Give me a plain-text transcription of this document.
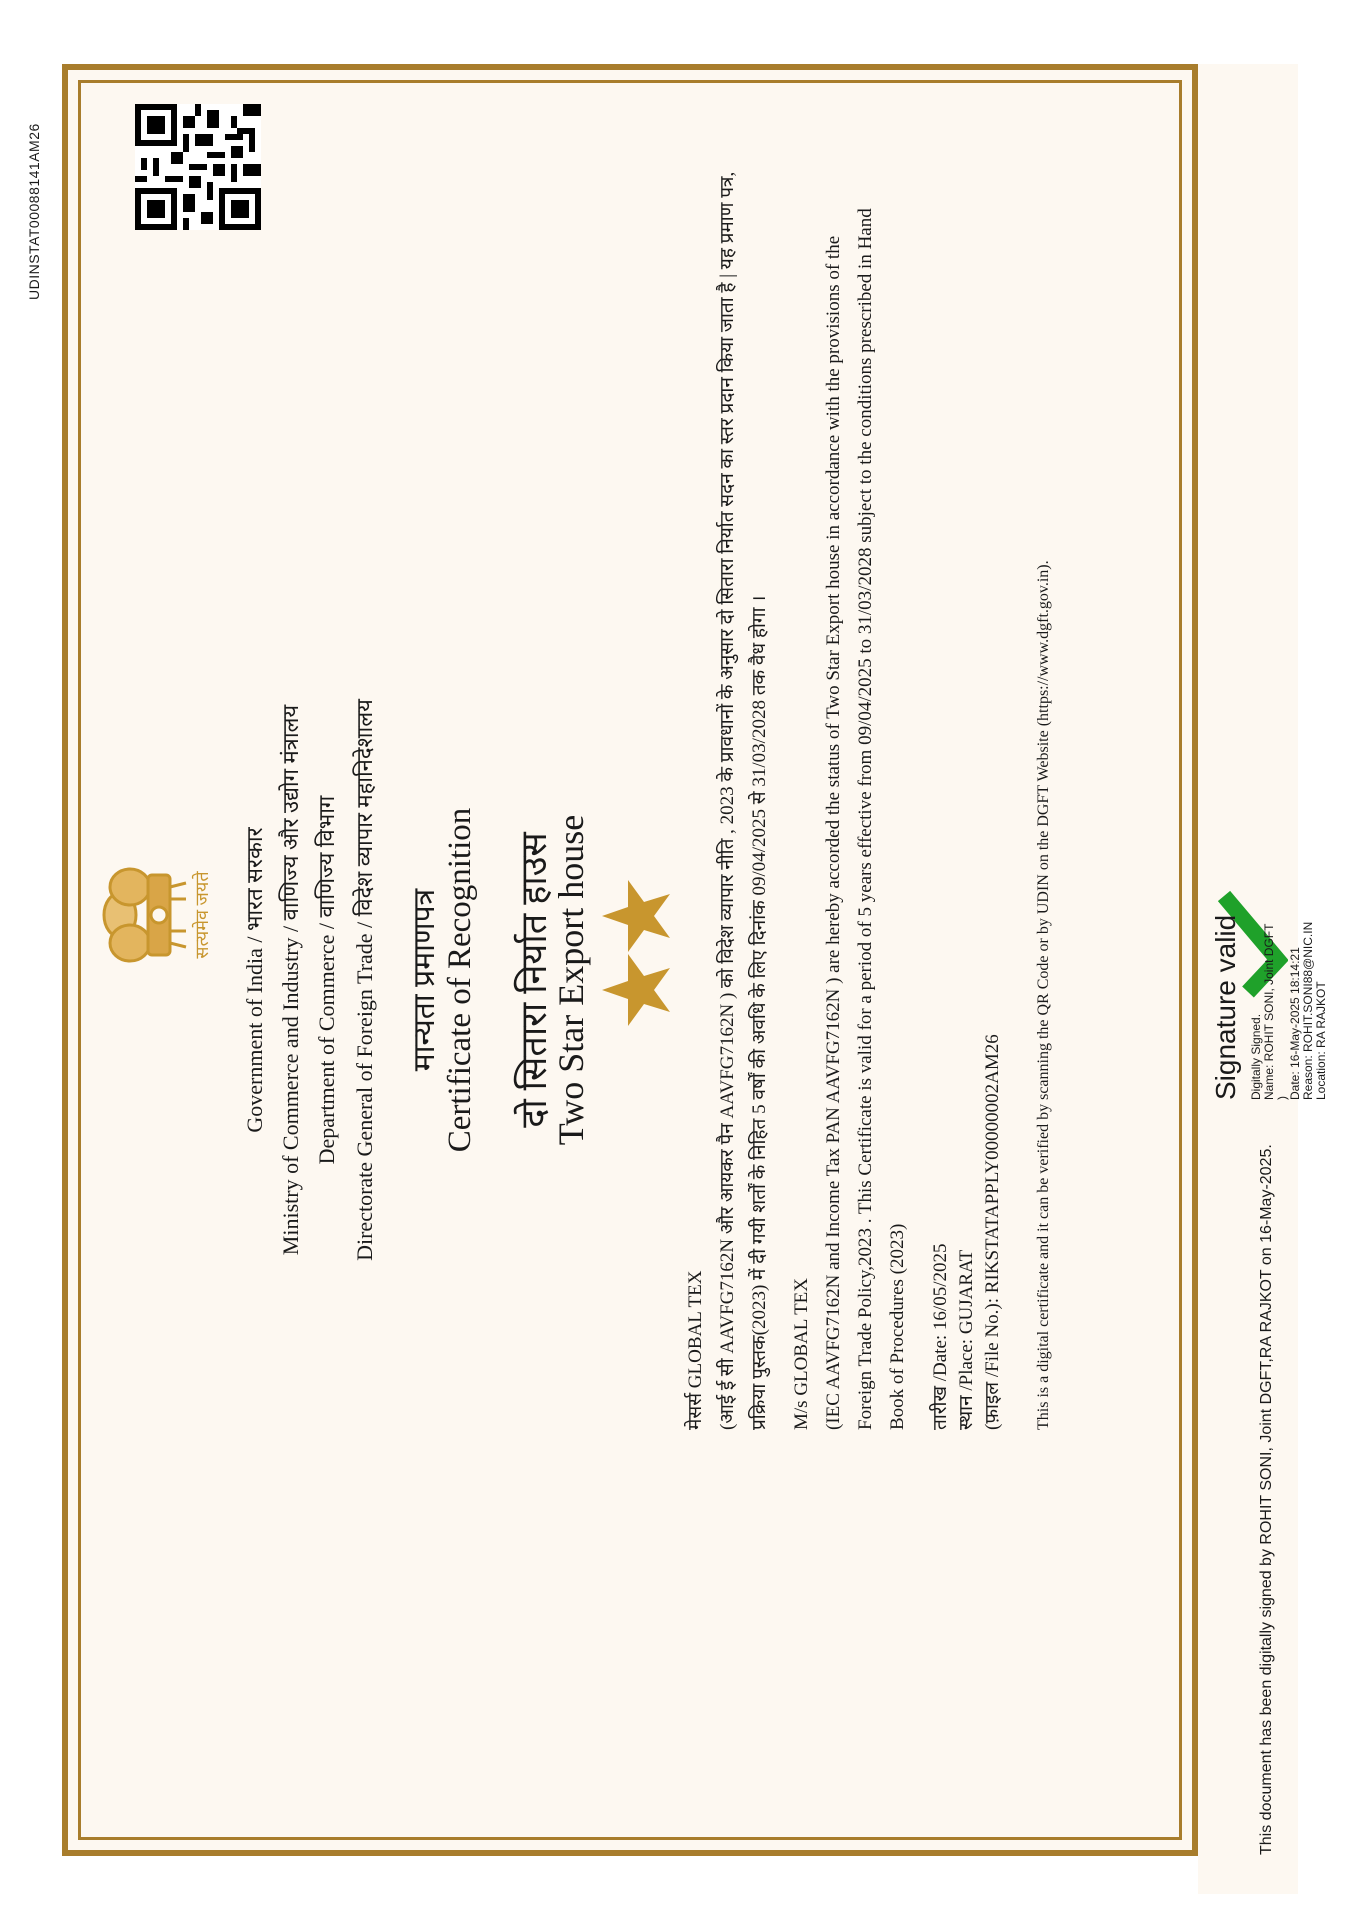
UDINSTAT00088141AM26
सत्यमेव जयते Government of India / भारत सरकार Ministry of Commerce and Industry / वाणिज्य और उद्योग मंत्रालय Department of Commerce / वाणिज्य विभाग Directorate General of Foreign Trade / विदेश व्यापार महानिदेशालय मान्यता प्रमाणपत्र Certificate of Recognition दो सितारा निर्यात हाउस
Two Star Export house
मेसर्स GLOBAL TEX (आई ई सी AAVFG7162N और आयकर पैन AAVFG7162N ) को विदेश व्यापार नीति , 2023 के प्रावधानों के अनुसार दो सितारा निर्यात सदन का स्तर प्रदान किया जाता है | यह प्रमाण पत्र, प्रक्रिया पुस्तक(2023) में दी गयी शर्तों के निहित 5 वर्षों की अवधि के लिए दिनांक 09/04/2025 से 31/03/2028 तक वैध होगा । M/s GLOBAL TEX (IEC AAVFG7162N and Income Tax PAN AAVFG7162N ) are hereby accorded the status of Two Star Export house in accordance with the provisions of the Foreign Trade Policy,2023 . This Certificate is valid for a period of 5 years effective from 09/04/2025 to 31/03/2028 subject to the conditions prescribed in Hand Book of Procedures (2023) तारीख /Date: 16/05/2025 स्थान /Place: GUJARAT (फ़ाइल /File No.): RIKSTATAPPLY00000002AM26	This is a digital certificate and it can be verified by scanning the QR Code or by UDIN on the DGFT Website (https://www.dgft.gov.in).	Signature valid Digitally Signed. Name: ROHIT SONI, Joint DGFT ) Date: 16-May-2025 18:14:21 Reason: ROHIT.SONI88@NIC.IN Location: RA RAJKOT
This document has been digitally signed by ROHIT SONI, Joint DGFT,RA RAJKOT on 16-May-2025.
